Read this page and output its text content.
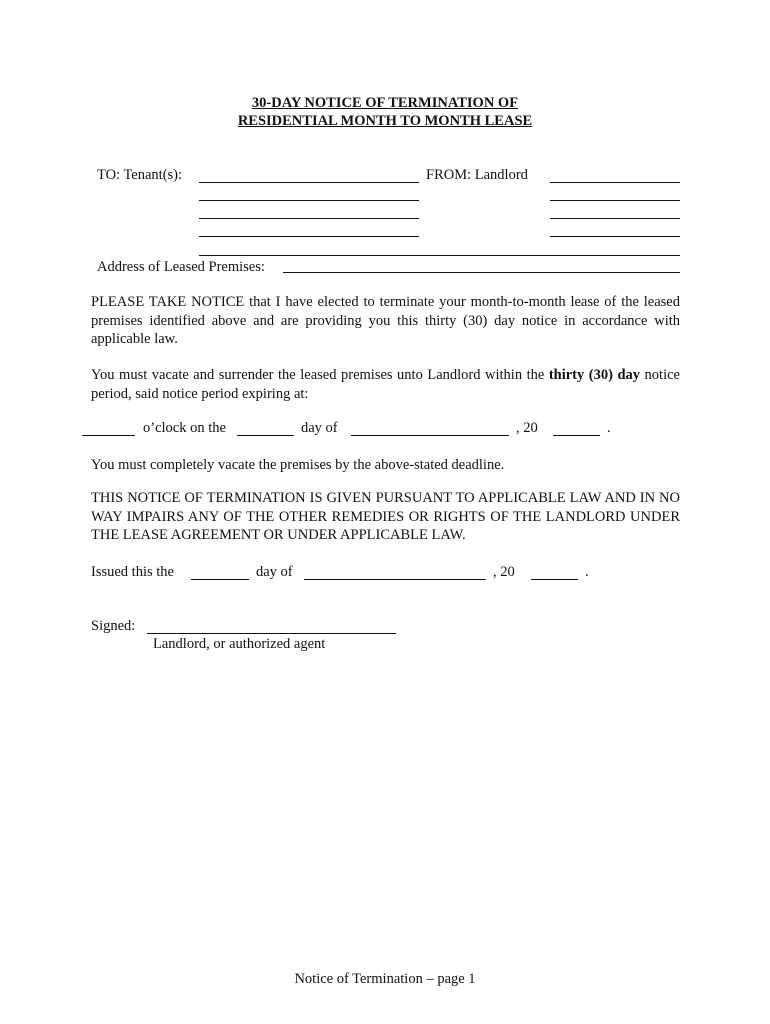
30-DAY NOTICE OF TERMINATION OF
RESIDENTIAL MONTH TO MONTH LEASE
TO: Tenant(s):	FROM: Landlord
Address of Leased Premises:
PLEASE TAKE NOTICE that I have elected to terminate your month-to-month lease of the leased premises identified above and are providing you this thirty (30) day notice in accordance with applicable law.
You must vacate and surrender the leased premises unto Landlord within the thirty (30) day notice period, said notice period expiring at:
o’clock on the	day of	, 20	.
You must completely vacate the premises by the above-stated deadline.
THIS NOTICE OF TERMINATION IS GIVEN PURSUANT TO APPLICABLE LAW AND IN NO WAY IMPAIRS ANY OF THE OTHER REMEDIES OR RIGHTS OF THE LANDLORD UNDER THE LEASE AGREEMENT OR UNDER APPLICABLE LAW.
Issued this the	day of	, 20	.
Signed:
Landlord, or authorized agent
Notice of Termination – page 1
